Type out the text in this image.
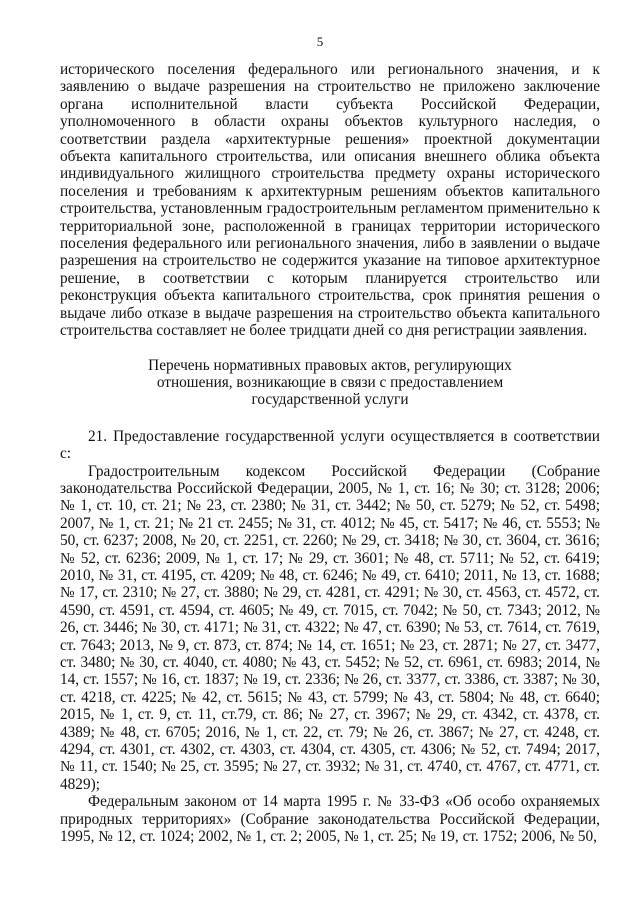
5

исторического поселения федерального или регионального значения, и к заявлению о выдаче разрешения на строительство не приложено заключение органа исполнительной власти субъекта Российской Федерации, уполномоченного в области охраны объектов культурного наследия, о соответствии раздела «архитектурные решения» проектной документации объекта капитального строительства, или описания внешнего облика объекта индивидуального жилищного строительства предмету охраны исторического поселения и требованиям к архитектурным решениям объектов капитального строительства, установленным градостроительным регламентом применительно к территориальной зоне, расположенной в границах территории исторического поселения федерального или регионального значения, либо в заявлении о выдаче разрешения на строительство не содержится указание на типовое архитектурное решение, в соответствии с которым планируется строительство или реконструкция объекта капитального строительства, срок принятия решения о выдаче либо отказе в выдаче разрешения на строительство объекта капитального строительства составляет не более тридцати дней со дня регистрации заявления.

Перечень нормативных правовых актов, регулирующих
отношения, возникающие в связи с предоставлением
государственной услуги

21. Предоставление государственной услуги осуществляется в соответствии с:

Градостроительным кодексом Российской Федерации (Собрание законодательства Российской Федерации, 2005, № 1, ст. 16; № 30; ст. 3128; 2006; № 1, ст. 10, ст. 21; № 23, ст. 2380; № 31, ст. 3442; № 50, ст. 5279; № 52, ст. 5498; 2007, № 1, ст. 21; № 21 ст. 2455; № 31, ст. 4012; № 45, ст. 5417; № 46, ст. 5553; № 50, ст. 6237; 2008, № 20, ст. 2251, ст. 2260; № 29, ст. 3418; № 30, ст. 3604, ст. 3616; № 52, ст. 6236; 2009, № 1, ст. 17; № 29, ст. 3601; № 48, ст. 5711; № 52, ст. 6419; 2010, № 31, ст. 4195, ст. 4209; № 48, ст. 6246; № 49, ст. 6410; 2011, № 13, ст. 1688; № 17, ст. 2310; № 27, ст. 3880; № 29, ст. 4281, ст. 4291; № 30, ст. 4563, ст. 4572, ст. 4590, ст. 4591, ст. 4594, ст. 4605; № 49, ст. 7015, ст. 7042; № 50, ст. 7343; 2012, № 26, ст. 3446; № 30, ст. 4171; № 31, ст. 4322; № 47, ст. 6390; № 53, ст. 7614, ст. 7619, ст. 7643; 2013, № 9, ст. 873, ст. 874; № 14, ст. 1651; № 23, ст. 2871; № 27, ст. 3477, ст. 3480; № 30, ст. 4040, ст. 4080; № 43, ст. 5452; № 52, ст. 6961, ст. 6983; 2014, № 14, ст. 1557; № 16, ст. 1837; № 19, ст. 2336; № 26, ст. 3377, ст. 3386, ст. 3387; № 30, ст. 4218, ст. 4225; № 42, ст. 5615; № 43, ст. 5799; № 43, ст. 5804; № 48, ст. 6640; 2015, № 1, ст. 9, ст. 11, ст.79, ст. 86; № 27, ст. 3967; № 29, ст. 4342, ст. 4378, ст. 4389; № 48, ст. 6705; 2016, № 1, ст. 22, ст. 79; № 26, ст. 3867; № 27, ст. 4248, ст. 4294, ст. 4301, ст. 4302, ст. 4303, ст. 4304, ст. 4305, ст. 4306; № 52, ст. 7494; 2017, № 11, ст. 1540; № 25, ст. 3595; № 27, ст. 3932; № 31, ст. 4740, ст. 4767, ст. 4771, ст. 4829);

Федеральным законом от 14 марта 1995 г. № 33-ФЗ «Об особо охраняемых природных территориях» (Собрание законодательства Российской Федерации, 1995, № 12, ст. 1024; 2002, № 1, ст. 2; 2005, № 1, ст. 25; № 19, ст. 1752; 2006, № 50,
